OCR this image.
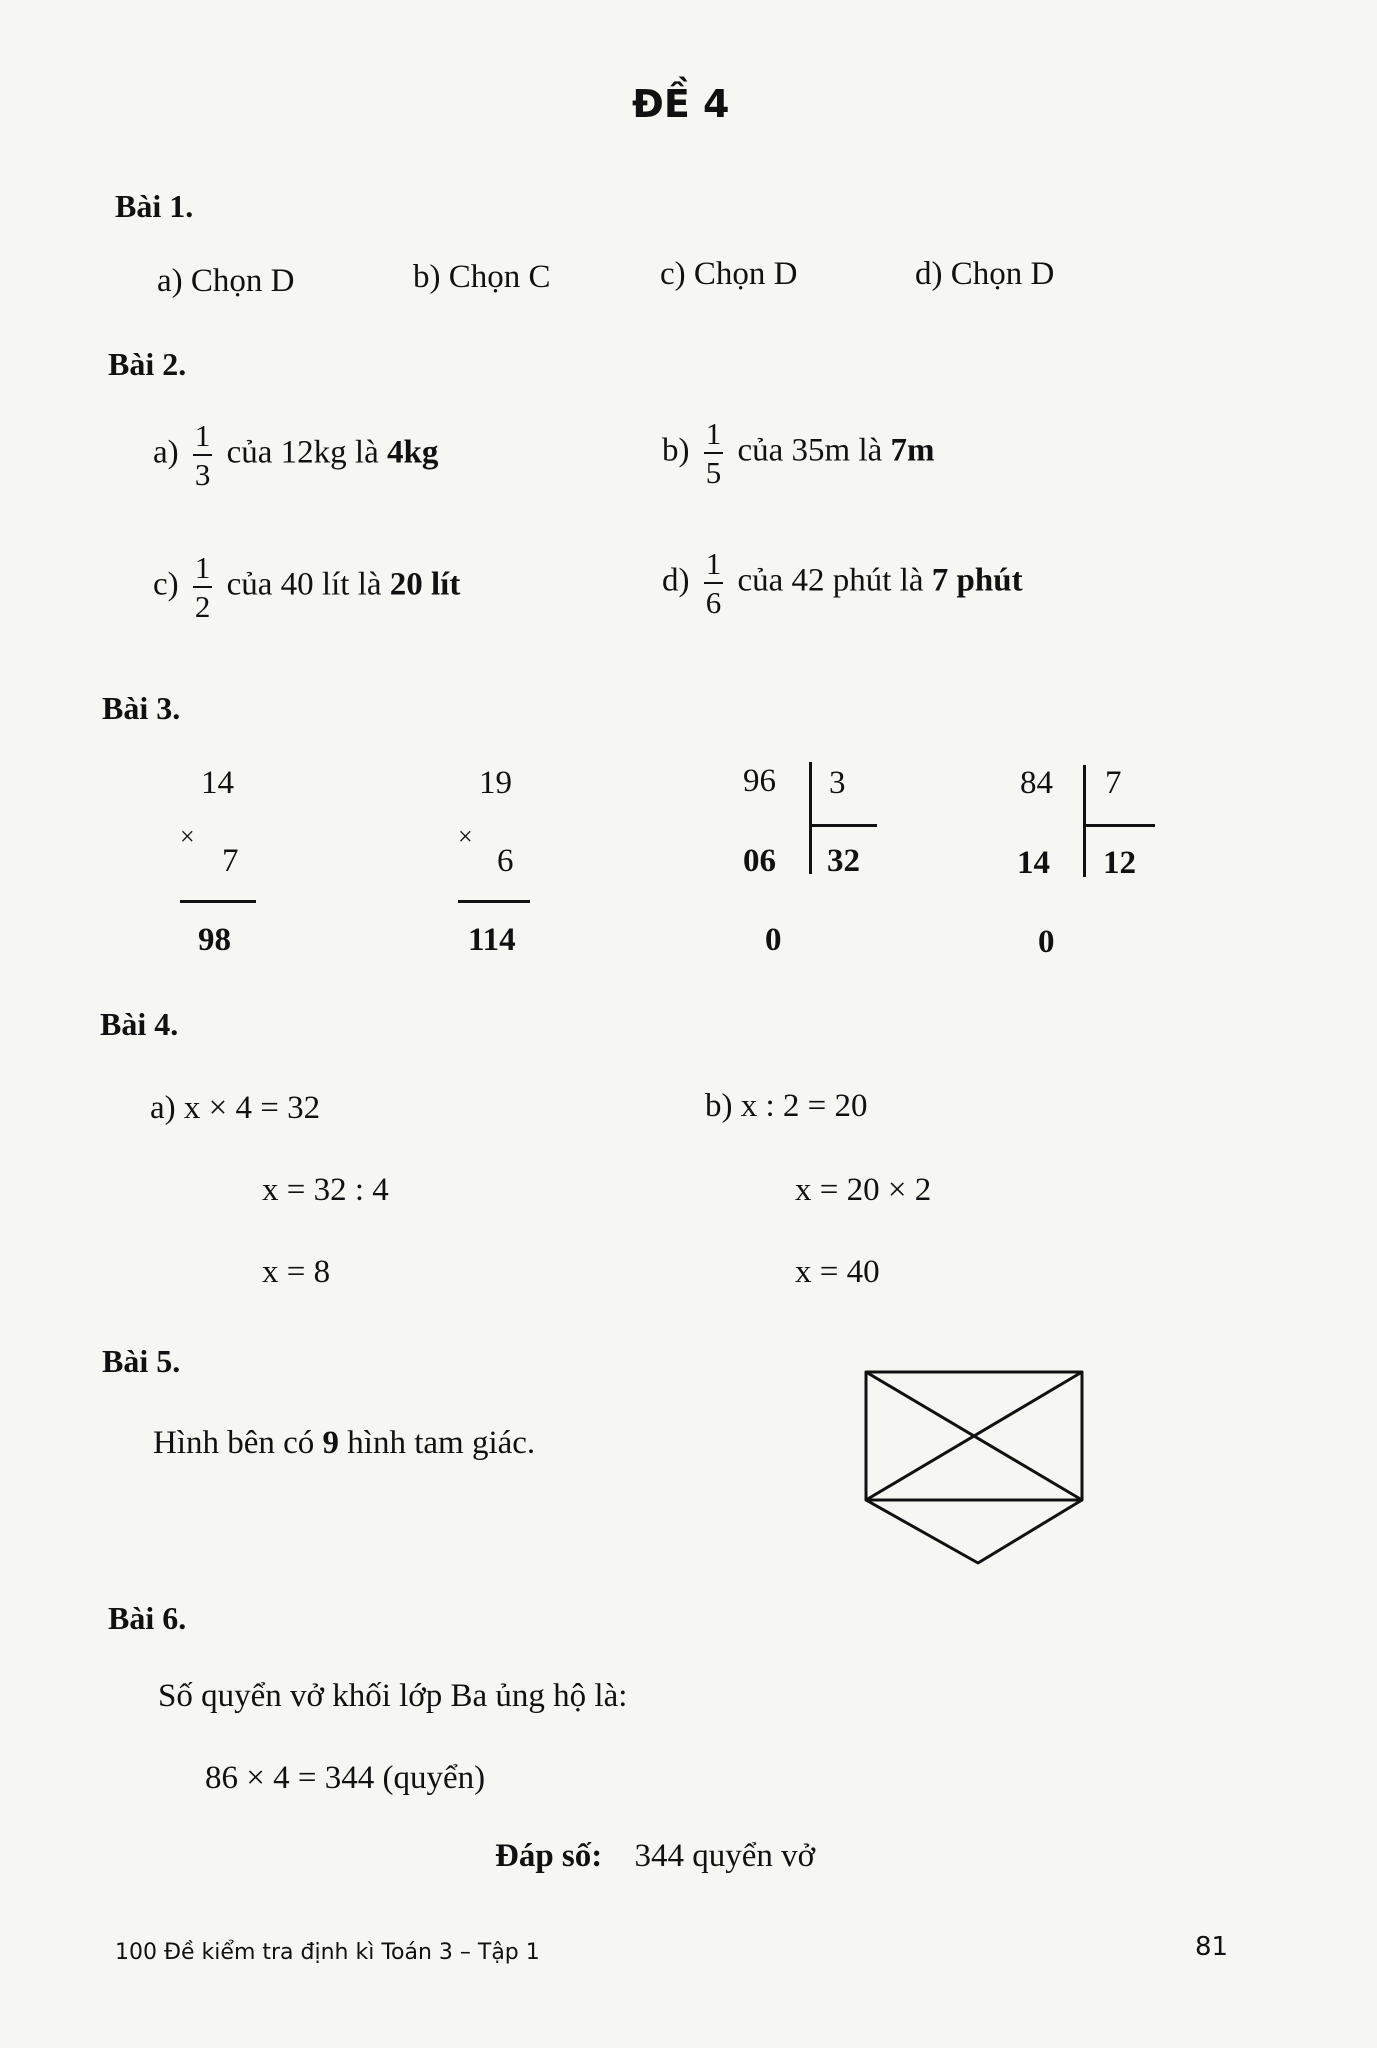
ĐỀ 4
Bài 1.
a) Chọn D	b) Chọn C	c) Chọn D	d) Chọn D
Bài 2.
$a) \frac{1}{3}$ của 12kg là 4kg	$b) \frac{1}{5}$ của 35m là 7m
$c) \frac{1}{2}$ của 40 lít là 20 lít	$d) \frac{1}{6}$ của 42 phút là 7 phút
Bài 3.
14
×
7
98
19
×
6
114
96 3
06 32
0
84 7
14 12
0
Bài 4.
a) x × 4 = 32
x = 32 : 4
x = 8
b) x : 2 = 20
x = 20 × 2
x = 40
Bài 5.
Hình bên có 9 hình tam giác.
Bài 6.
Số quyển vở khối lớp Ba ủng hộ là:
86 × 4 = 344 (quyển)
Đáp số: 344 quyển vở
100 Đề kiểm tra định kì Toán 3 – Tập 1	81
